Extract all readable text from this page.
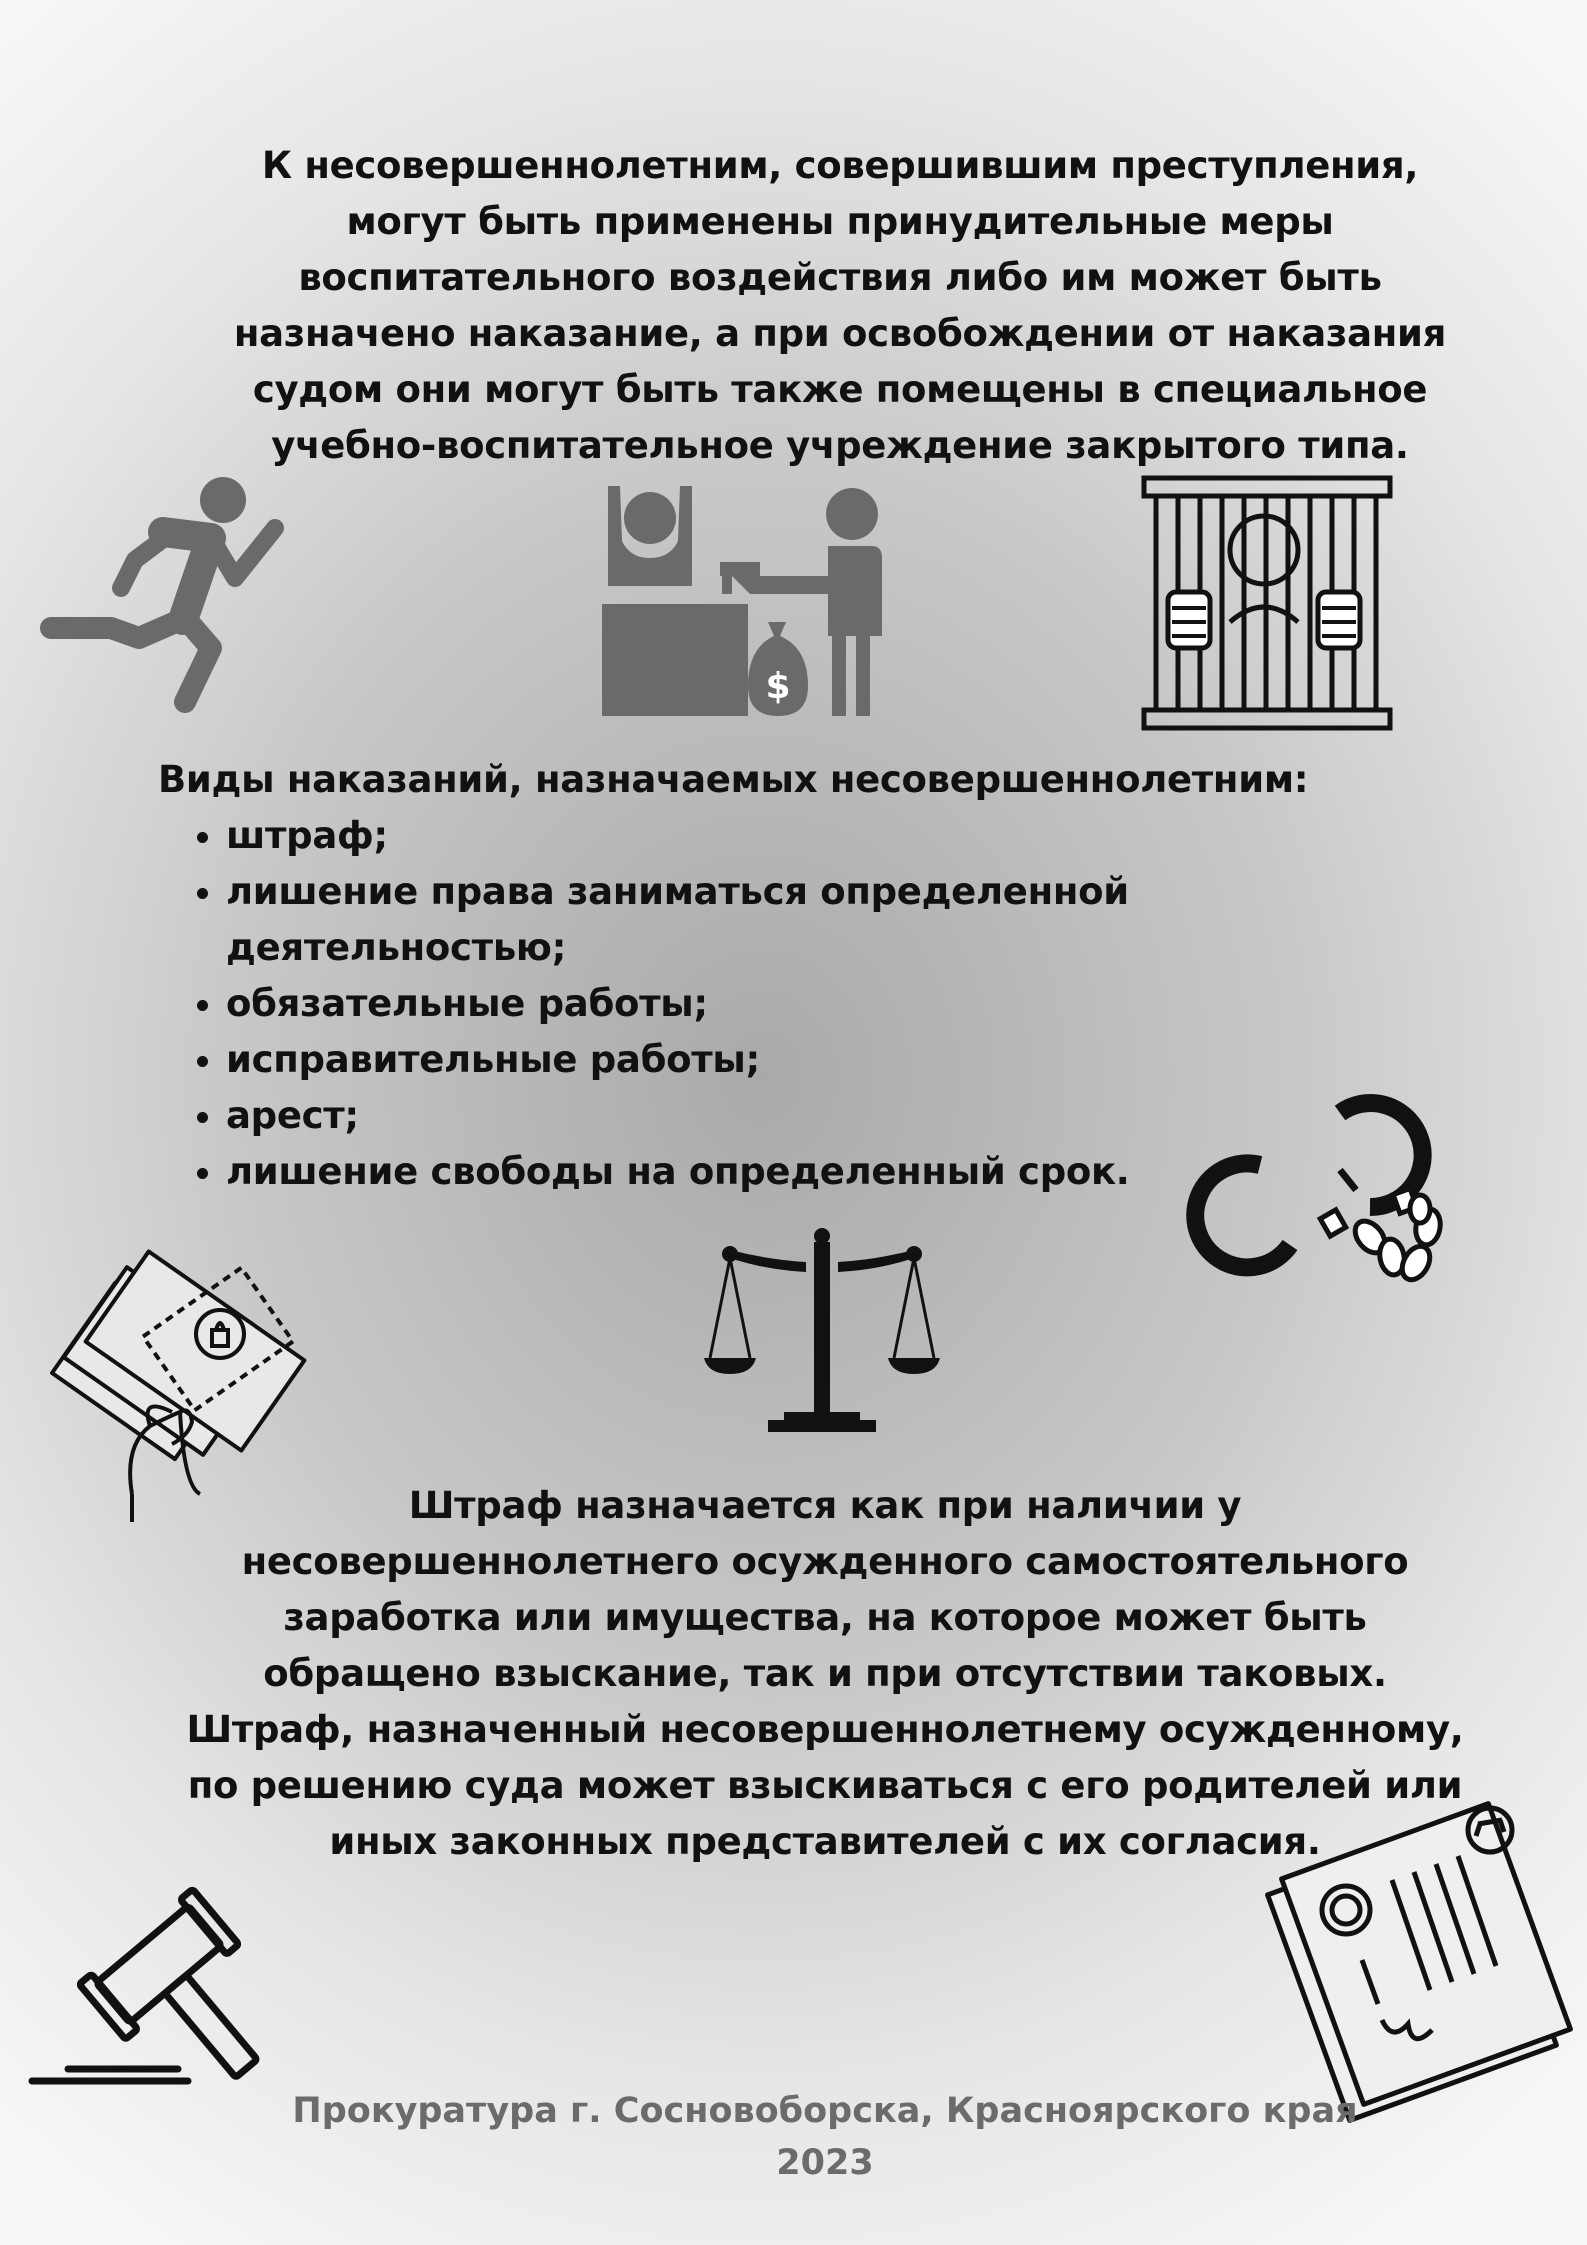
К несовершеннолетним, совершившим преступления,
могут быть применены принудительные меры
воспитательного воздействия либо им может быть
назначено наказание, а при освобождении от наказания
судом они могут быть также помещены в специальное
учебно-воспитательное учреждение закрытого типа.
$
Виды наказаний, назначаемых несовершеннолетним:
• штраф;
• лишение права заниматься определенной деятельностью;
• обязательные работы;
• исправительные работы;
• арест;
• лишение свободы на определенный срок.
Штраф назначается как при наличии у
несовершеннолетнего осужденного самостоятельного
заработка или имущества, на которое может быть
обращено взыскание, так и при отсутствии таковых.
Штраф, назначенный несовершеннолетнему осужденному,
по решению суда может взыскиваться с его родителей или
иных законных представителей с их согласия.
Прокуратура г. Сосновоборска, Красноярского края
2023
